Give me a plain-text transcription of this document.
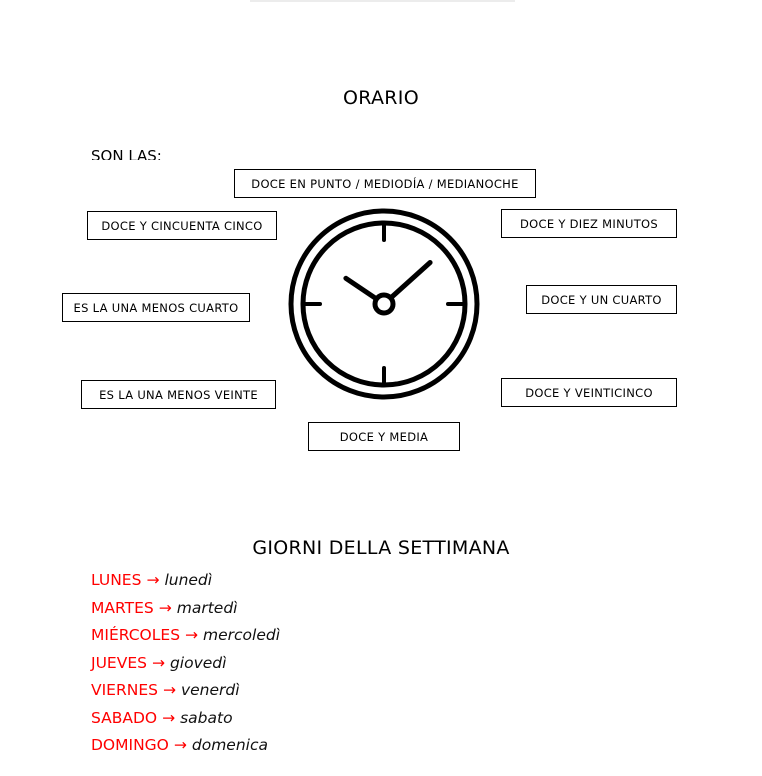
ORARIO
SON LAS:
DOCE EN PUNTO / MEDIODÍA / MEDIANOCHE
DOCE Y CINCUENTA CINCO	DOCE Y DIEZ MINUTOS
ES LA UNA MENOS CUARTO
DOCE Y UN CUARTO
ES LA UNA MENOS VEINTE	DOCE Y VEINTICINCO
DOCE Y MEDIA
GIORNI DELLA SETTIMANA
LUNES → lunedì
MARTES → martedì
MIÉRCOLES → mercoledì
JUEVES → giovedì
VIERNES → venerdì
SABADO → sabato
DOMINGO → domenica
